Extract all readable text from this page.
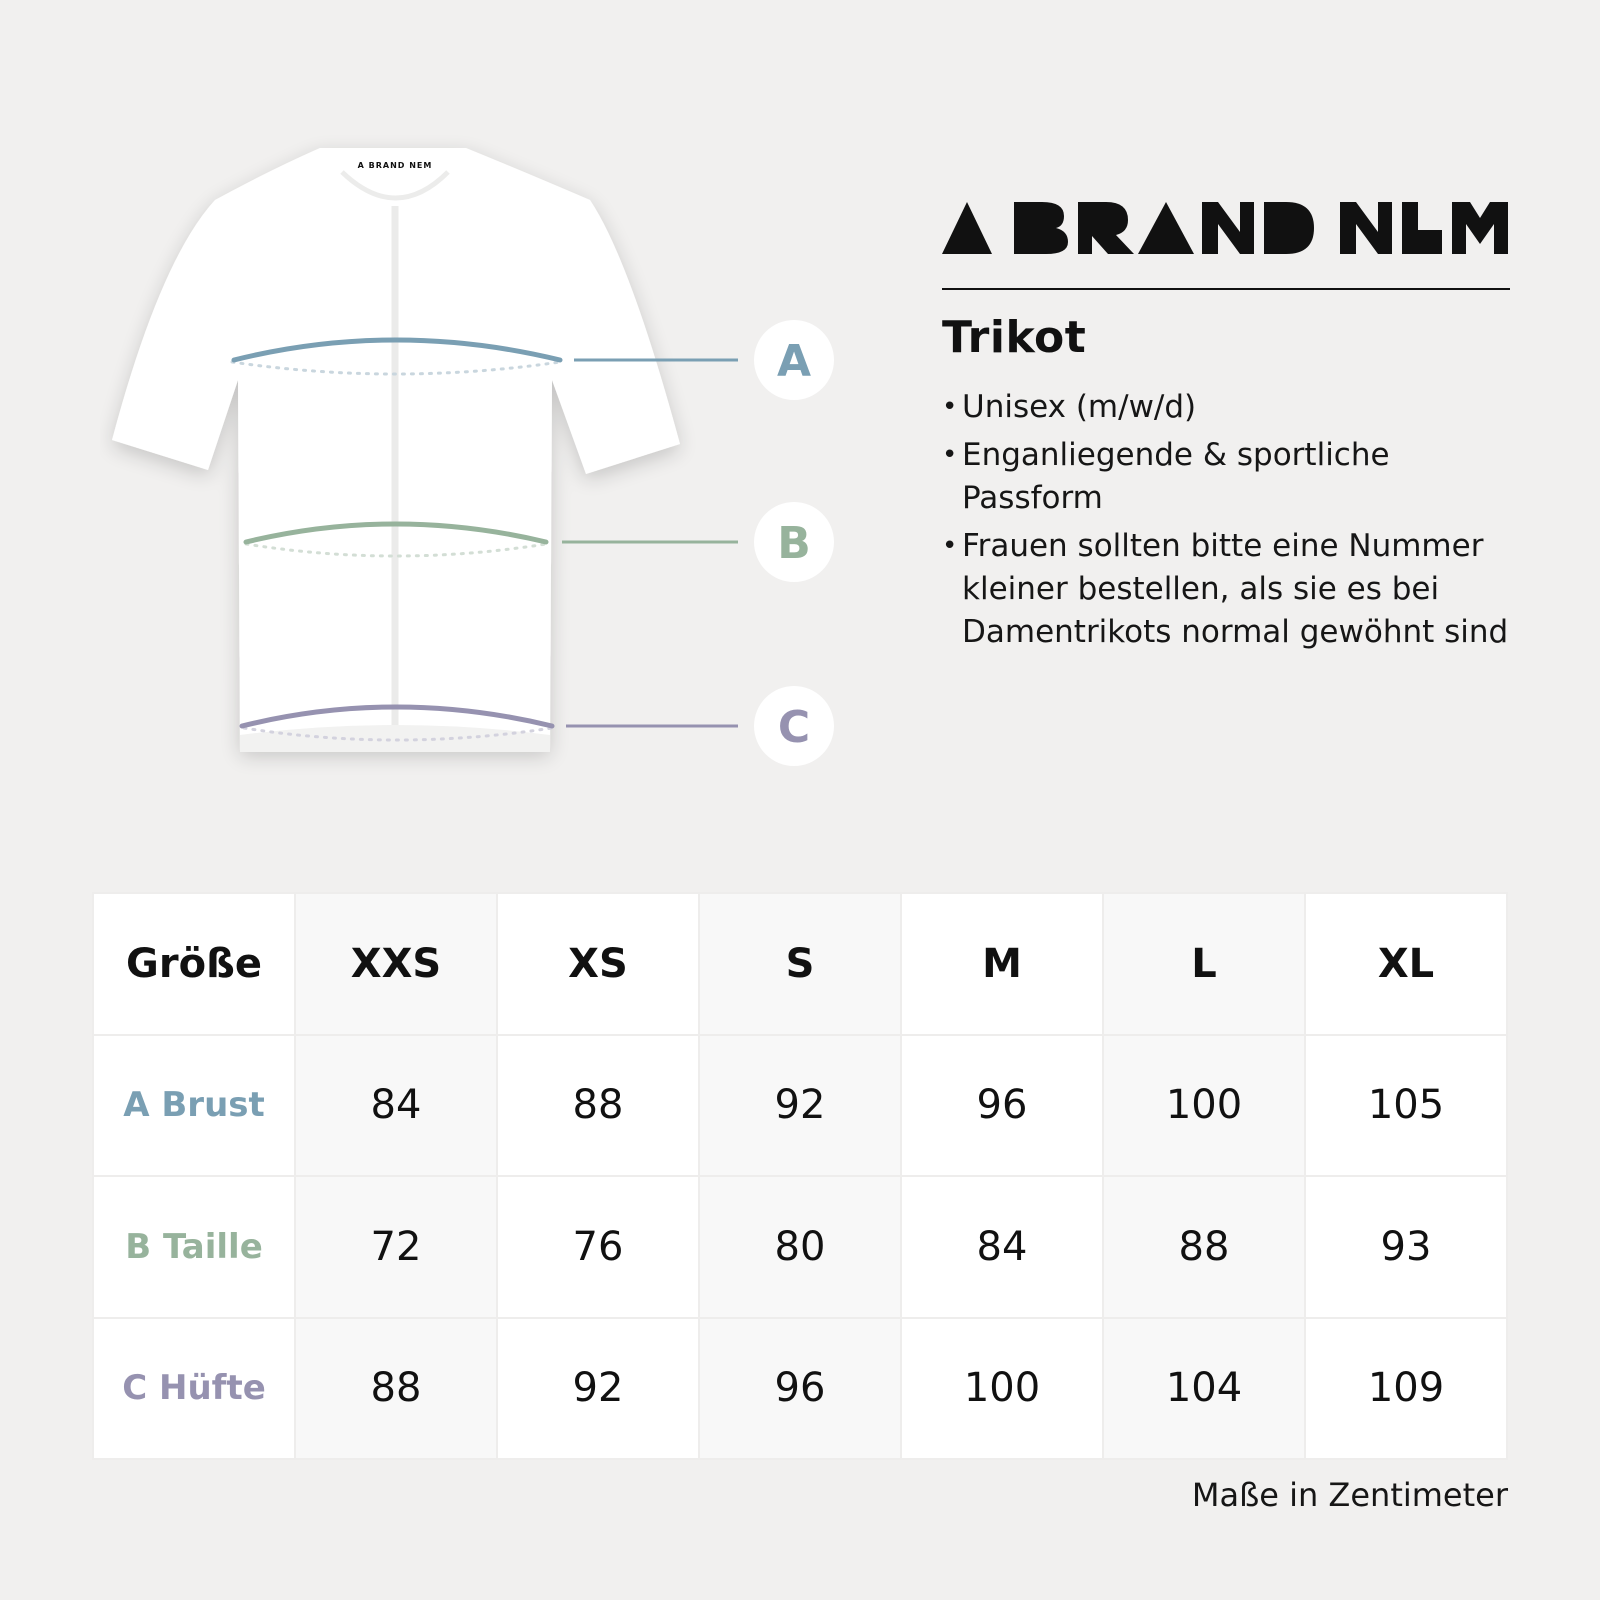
A BRAND NEM
A
B
C
Trikot
• Unisex (m/w/d)
• Enganliegende & sportliche Passform
• Frauen sollten bitte eine Nummer kleiner bestellen, als sie es bei Damentrikots normal gewöhnt sind
Größe	XXS	XS	S	M	L	XL
A Brust	84	88	92	96	100	105
B Taille	72	76	80	84	88	93
C Hüfte	88	92	96	100	104	109
Maße in Zentimeter
